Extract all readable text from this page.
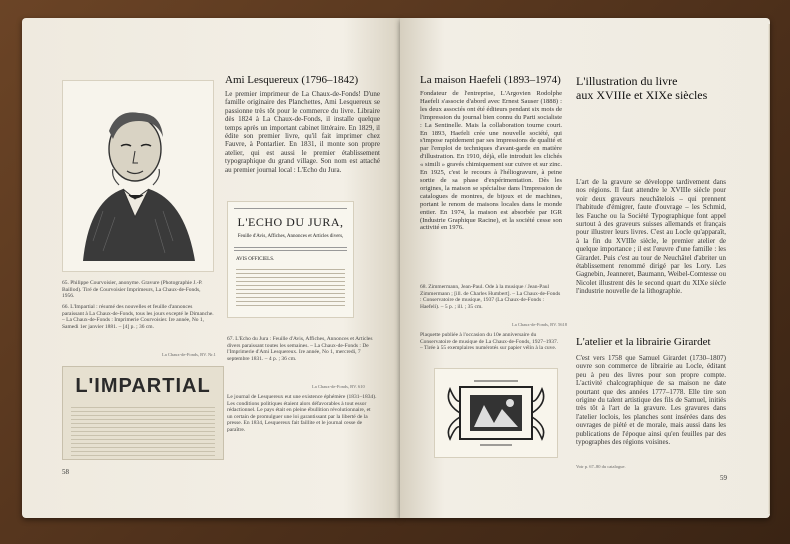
Ami Lesquereux (1796–1842)
Le premier imprimeur de La Chaux-de-Fonds! D'une famille originaire des Planchettes, Ami Lesquereux se passionne très tôt pour le commerce du livre. Libraire dès 1824 à La Chaux-de-Fonds, il installe quelque temps après un important cabinet littéraire. En 1829, il édite son premier livre, qu'il fait imprimer chez Fauvre, à Pontarlier. En 1831, il monte son propre atelier, qui est aussi le premier établissement typographique du grand village. Son nom est attaché au premier journal local : L'Echo du Jura.
65. Philippe Courvoisier, anonyme. Gravure (Photographie J.-P. Baillod). Tiré de Courvoisier Imprimeurs, La Chaux-de-Fonds, 1956.
66. L'Impartial : résumé des nouvelles et feuille d'annonces paraissant à La Chaux-de-Fonds, tous les jours excepté le Dimanche. – La Chaux-de-Fonds : Imprimerie Courvoisier. Ire année, No 1, Samedi 1er janvier 1881. – [4] p. ; 36 cm.
La Chaux-de-Fonds, BV. Nr.1
L'ECHO DU JURA,
Feuille d'Avis, Affiches, Annonces et Articles divers,
AVIS OFFICIELS.
L'IMPARTIAL
67. L'Echo du Jura : Feuille d'Avis, Affiches, Annonces et Articles divers paraissant toutes les semaines. – La Chaux-de-Fonds : De l'Imprimerie d'Ami Lesquereux. Ire année, No 1, mercredi, 7 septembre 1831. – 4 p. ; 36 cm.
La Chaux-de-Fonds, BV. 610
Le journal de Lesquereux eut une existence éphémère (1831–1834). Les conditions politiques étaient alors défavorables à tout essor rédactionnel. Le pays était en pleine ébullition révolutionnaire, et un certain de promulguer une loi garantissant par la liberté de la presse. En 1834, Lesquereux fait faillite et le journal cesse de paraître.
58
La maison Haefeli (1893–1974)
Fondateur de l'entreprise, L'Argovien Rodolphe Haefeli s'associe d'abord avec Ernest Sauser (1888) : les deux associés ont été éditeurs pendant six mois de l'impression du journal bien connu du Parti socialiste : La Sentinelle. Mais la collaboration tourne court. En 1893, Haefeli crée une nouvelle société, qui s'impose rapidement par ses impressions de qualité et par l'emploi de techniques d'avant-garde en matière d'illustration. En 1910, déjà, elle introduit les clichés « simili » gravés chimiquement sur cuivre et sur zinc. En 1925, c'est le recours à l'héliogravure, à peine sortie de sa phase d'expérimentation. Dès les origines, la maison se spécialise dans l'impression de catalogues de montres, de bijoux et de machines, portant le renom de maisons locales dans le monde entier. En 1974, la maison est absorbée par IGR (Industrie Graphique Racine), et la société cesse son activité en 1976.
68. Zimmermann, Jean-Paul. Ode à la musique / Jean-Paul Zimmermann ; [ill. de Charles Humbert]. – La Chaux-de-Fonds : Conservatoire de musique, 1937 (La Chaux-de-Fonds : Haefeli). – 5 p. ; ill. ; 35 cm.
La Chaux-de-Fonds, BV. 5618
Plaquette publiée à l'occasion du 10e anniversaire du Conservatoire de musique de La Chaux-de-Fonds, 1927–1937. – Tirée à 55 exemplaires numérotés sur papier vélin à la cuve.
L'illustration du livre
aux XVIIIe et XIXe siècles
L'art de la gravure se développe tardivement dans nos régions. Il faut attendre le XVIIIe siècle pour voir deux graveurs neuchâtelois – qui prennent l'habitude d'émigrer, faute d'ouvrage – les Schmid, les Fauche ou la Société Typographique font appel surtout à des graveurs suisses allemands et français pour illustrer leurs livres. C'est au Locle qu'apparaît, à la fin du XVIIIe siècle, le premier atelier de quelque importance ; il est l'œuvre d'une famille : les Girardet. Puis c'est au tour de Neuchâtel d'abriter un établissement renommé dirigé par les Lory. Les Gagnebin, Jeanneret, Baumann, Weibel-Comtesse ou Nicolet illustrent dès le second quart du XIXe siècle l'industrie nouvelle de la lithographie.
L'atelier et la librairie Girardet
C'est vers 1758 que Samuel Girardet (1730–1807) ouvre son commerce de librairie au Locle, éditant peu à peu des livres pour son propre compte. L'activité chalcographique de sa maison ne date pourtant que des années 1777–1778. Elle tire son origine du talent artistique des fils de Samuel, initiés très tôt à l'art de la gravure. Les gravures dans l'atelier loclois, les planches sont insérées dans des ouvrages de piété et de morale, mais aussi dans les publications de l'époque ainsi qu'en feuilles par des typographes des régions voisines.
Voir p. 67–80 du catalogue.
59
